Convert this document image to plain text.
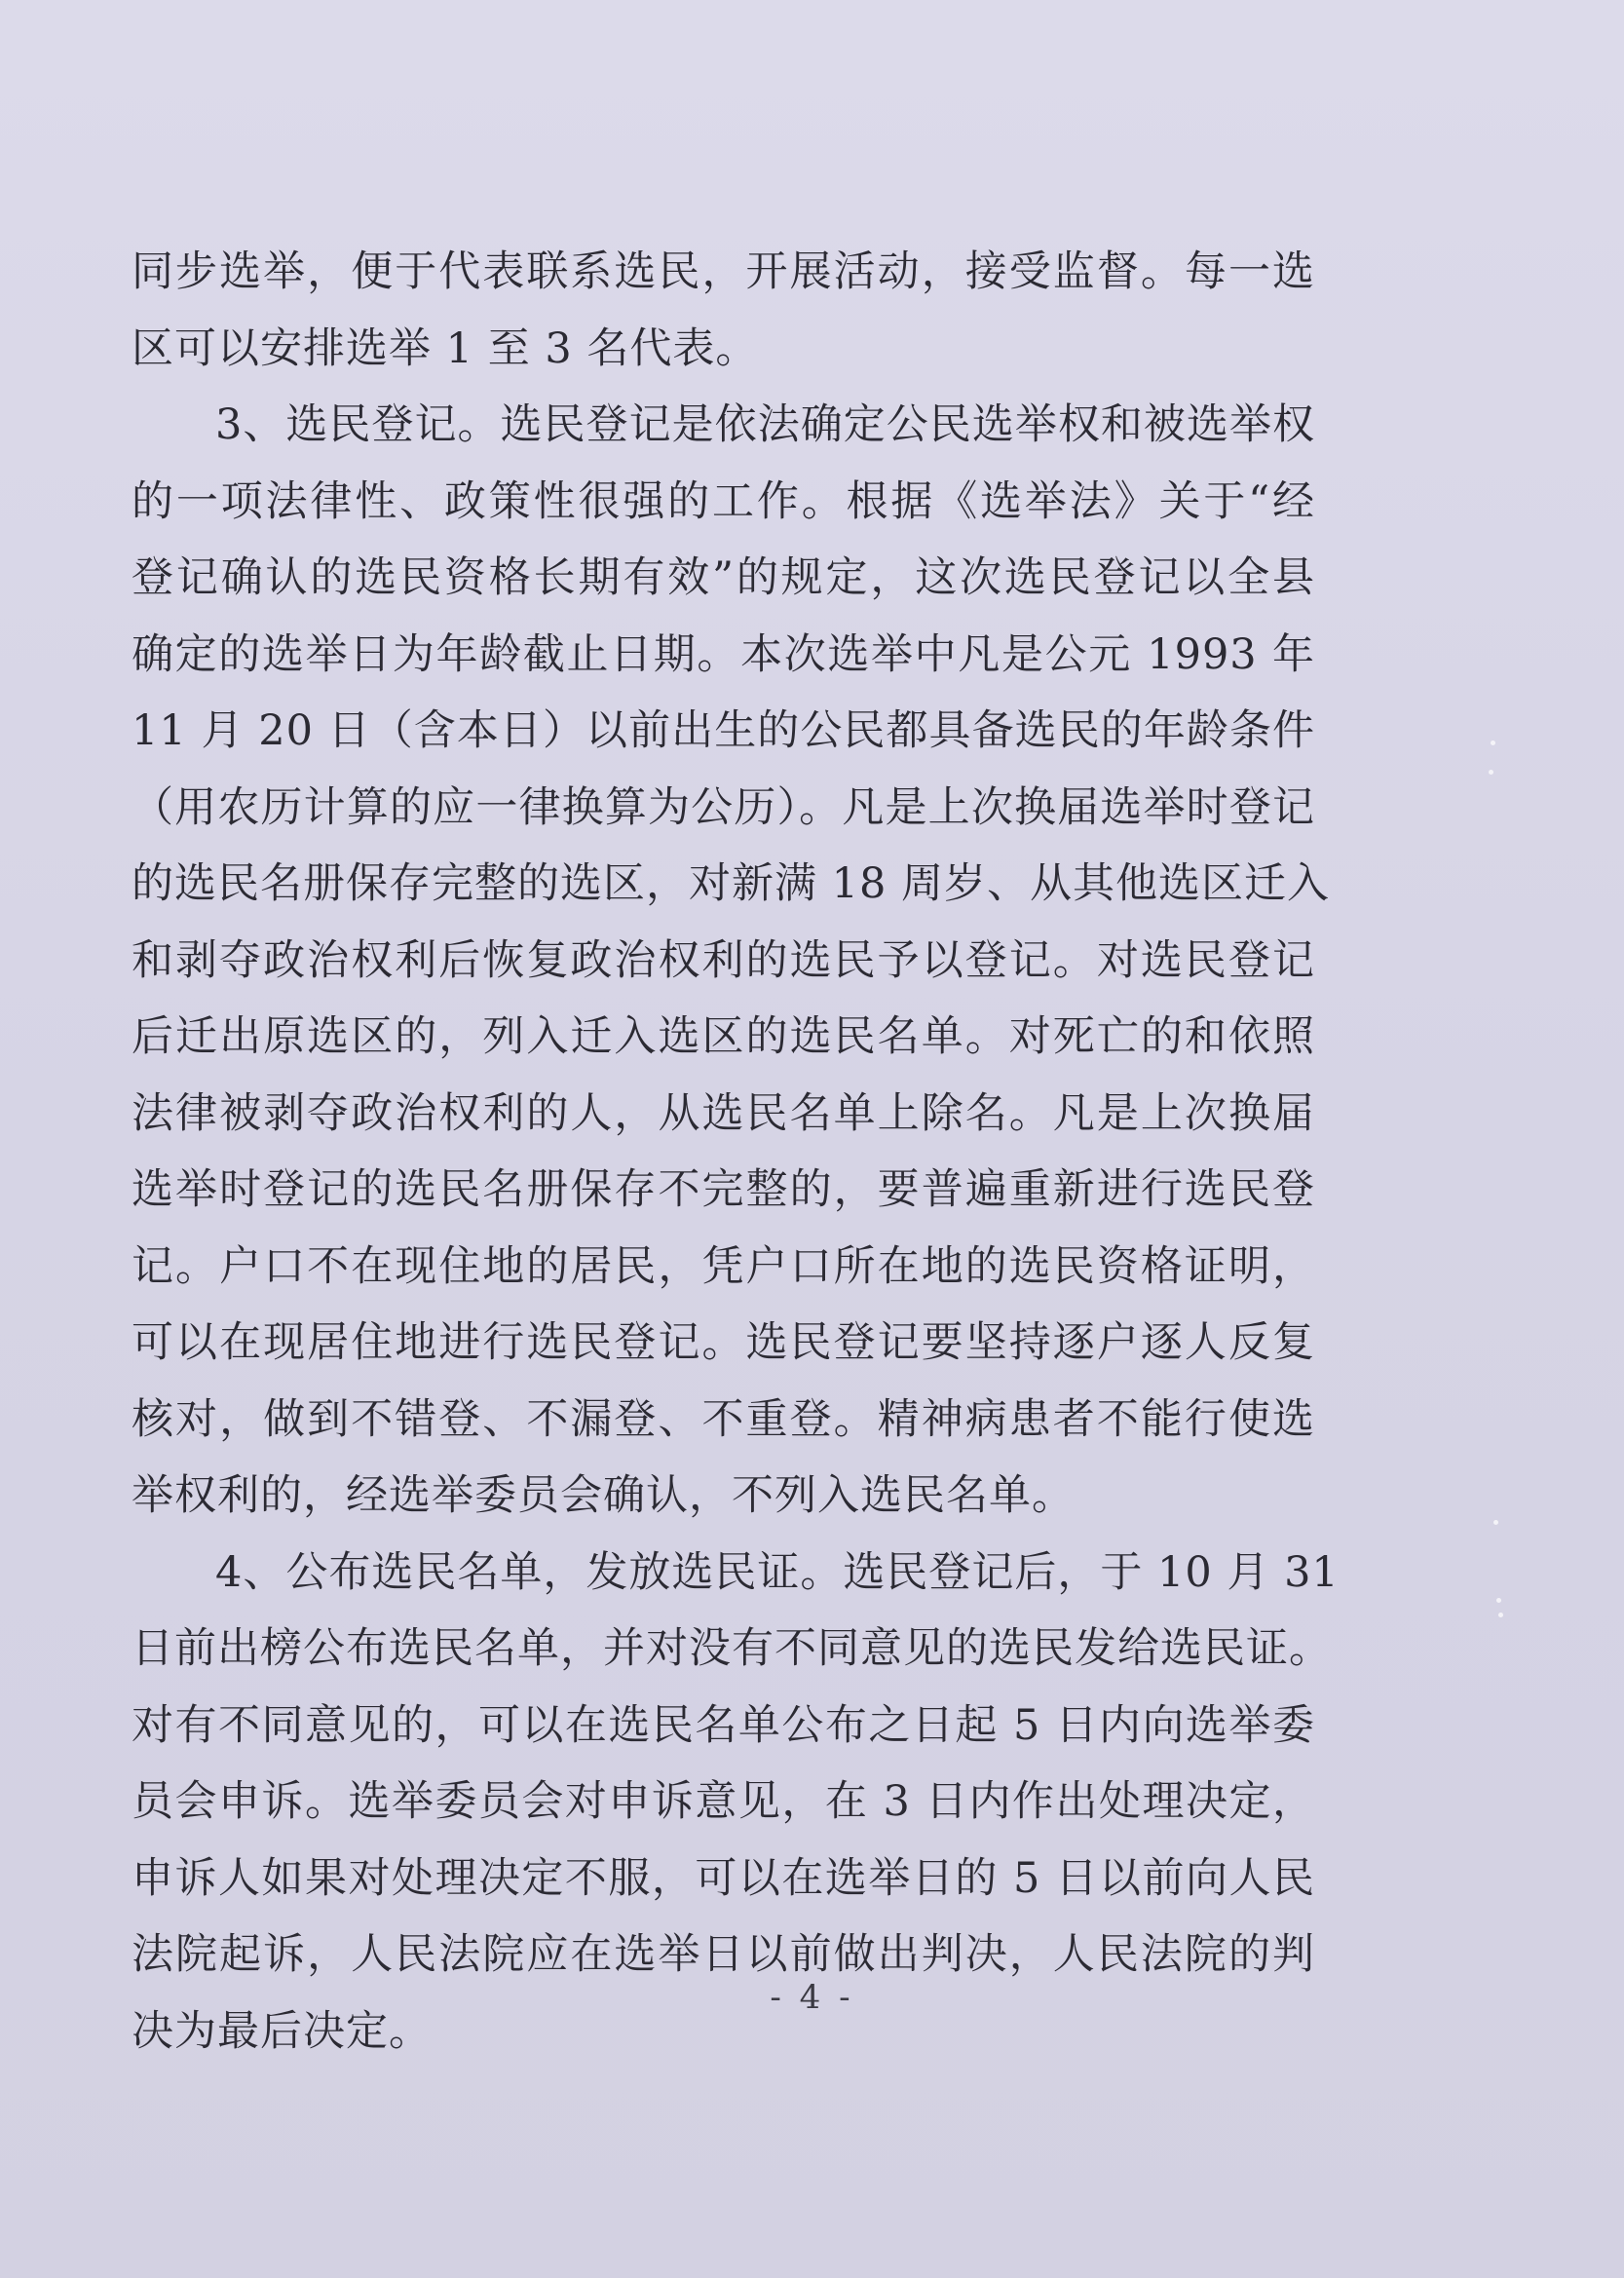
同步选举，便于代表联系选民，开展活动，接受监督。每一选
区可以安排选举 1 至 3 名代表。
3、选民登记。选民登记是依法确定公民选举权和被选举权
的一项法律性、政策性很强的工作。根据《选举法》关于“经
登记确认的选民资格长期有效”的规定，这次选民登记以全县
确定的选举日为年龄截止日期。本次选举中凡是公元 1993 年
11 月 20 日（含本日）以前出生的公民都具备选民的年龄条件
（用农历计算的应一律换算为公历）。凡是上次换届选举时登记
的选民名册保存完整的选区，对新满 18 周岁、从其他选区迁入
和剥夺政治权利后恢复政治权利的选民予以登记。对选民登记
后迁出原选区的，列入迁入选区的选民名单。对死亡的和依照
法律被剥夺政治权利的人，从选民名单上除名。凡是上次换届
选举时登记的选民名册保存不完整的，要普遍重新进行选民登
记。户口不在现住地的居民，凭户口所在地的选民资格证明，
可以在现居住地进行选民登记。选民登记要坚持逐户逐人反复
核对，做到不错登、不漏登、不重登。精神病患者不能行使选
举权利的，经选举委员会确认，不列入选民名单。
4、公布选民名单，发放选民证。选民登记后，于 10 月 31
日前出榜公布选民名单，并对没有不同意见的选民发给选民证。
对有不同意见的，可以在选民名单公布之日起 5 日内向选举委
员会申诉。选举委员会对申诉意见，在 3 日内作出处理决定，
申诉人如果对处理决定不服，可以在选举日的 5 日以前向人民
法院起诉，人民法院应在选举日以前做出判决，人民法院的判
决为最后决定。
- 4 -
